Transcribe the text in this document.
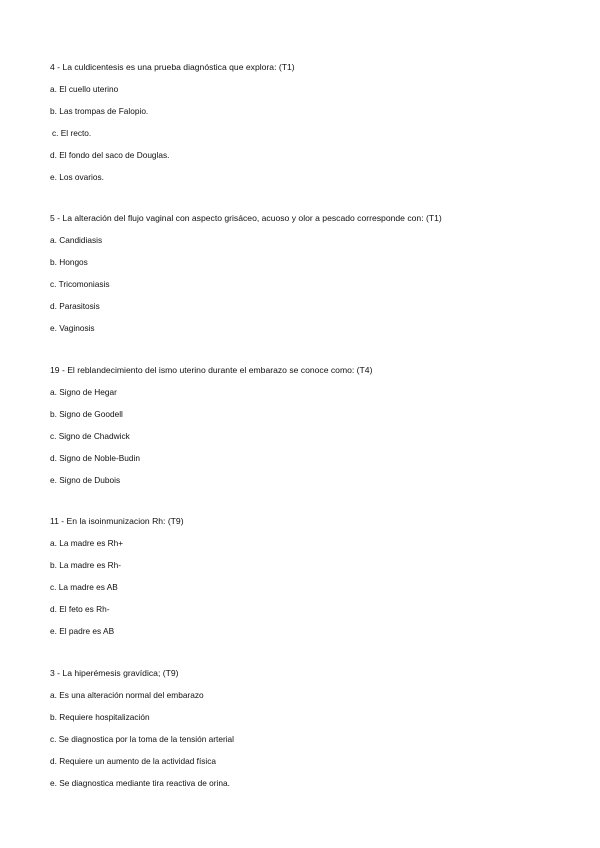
4 - La culdicentesis es una prueba diagnóstica que explora: (T1)
a. El cuello uterino
b. Las trompas de Falopio.
c. El recto.
d. El fondo del saco de Douglas.
e. Los ovarios.
5 - La alteración del flujo vaginal con aspecto grisáceo, acuoso y olor a pescado corresponde con: (T1)
a. Candidiasis
b. Hongos
c. Tricomoniasis
d. Parasitosis
e. Vaginosis
19 - El reblandecimiento del ismo uterino durante el embarazo se conoce como: (T4)
a. Signo de Hegar
b. Signo de Goodell
c. Signo de Chadwick
d. Signo de Noble-Budin
e. Signo de Dubois
11 - En la isoinmunizacion Rh: (T9)
a. La madre es Rh+
b. La madre es Rh-
c. La madre es AB
d. El feto es Rh-
e. El padre es AB
3 - La hiperémesis gravídica; (T9)
a. Es una alteración normal del embarazo
b. Requiere hospitalización
c. Se diagnostica por la toma de la tensión arterial
d. Requiere un aumento de la actividad física
e. Se diagnostica mediante tira reactiva de orina.
